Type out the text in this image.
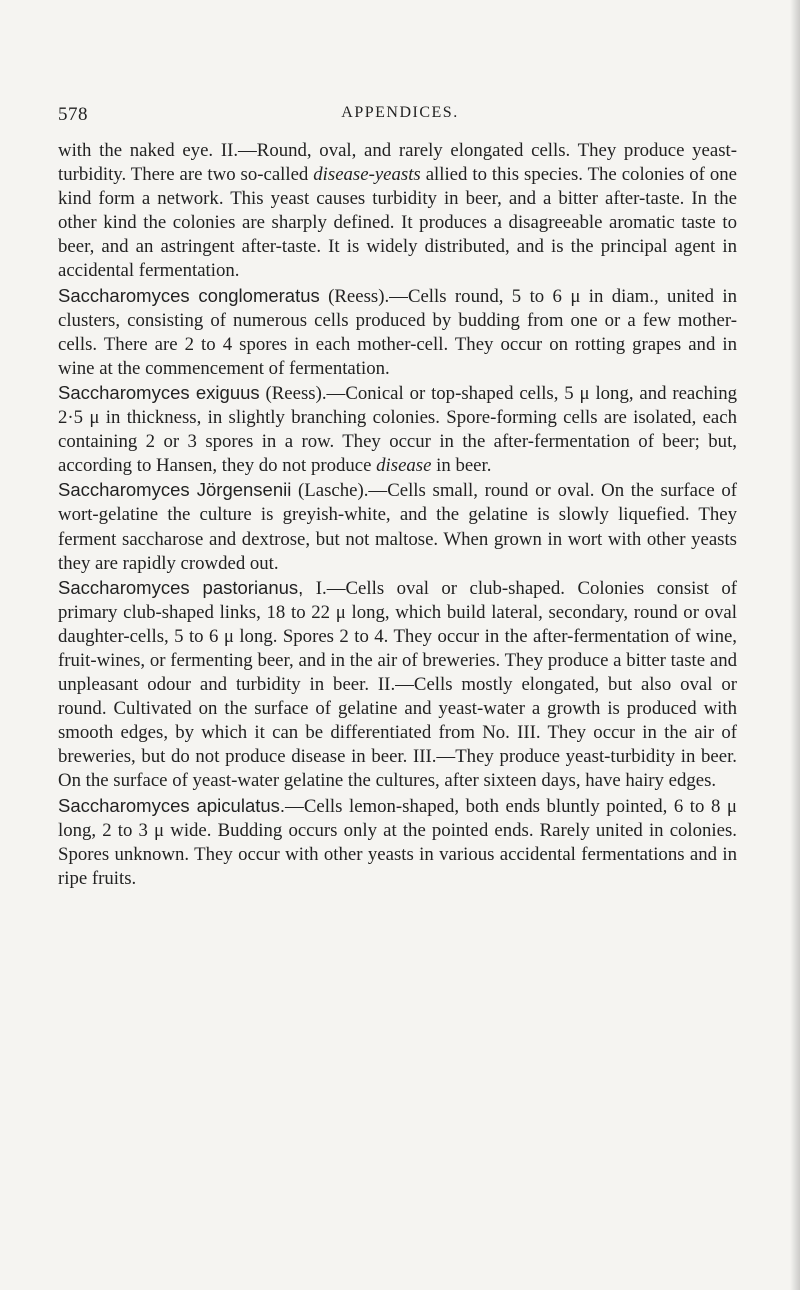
578	APPENDICES.

with the naked eye. II.—Round, oval, and rarely elongated cells. They produce yeast-turbidity. There are two so-called disease-yeasts allied to this species. The colonies of one kind form a network. This yeast causes turbidity in beer, and a bitter after-taste. In the other kind the colonies are sharply defined. It produces a disagreeable aromatic taste to beer, and an astringent after-taste. It is widely distributed, and is the principal agent in accidental fermentation.

Saccharomyces conglomeratus (Reess).—Cells round, 5 to 6 μ in diam., united in clusters, consisting of numerous cells produced by budding from one or a few mother-cells. There are 2 to 4 spores in each mother-cell. They occur on rotting grapes and in wine at the commencement of fermentation.

Saccharomyces exiguus (Reess).—Conical or top-shaped cells, 5 μ long, and reaching 2·5 μ in thickness, in slightly branching colonies. Spore-forming cells are isolated, each containing 2 or 3 spores in a row. They occur in the after-fermentation of beer; but, according to Hansen, they do not produce disease in beer.

Saccharomyces Jörgensenii (Lasche).—Cells small, round or oval. On the surface of wort-gelatine the culture is greyish-white, and the gelatine is slowly liquefied. They ferment saccharose and dextrose, but not maltose. When grown in wort with other yeasts they are rapidly crowded out.

Saccharomyces pastorianus, I.—Cells oval or club-shaped. Colonies consist of primary club-shaped links, 18 to 22 μ long, which build lateral, secondary, round or oval daughter-cells, 5 to 6 μ long. Spores 2 to 4. They occur in the after-fermentation of wine, fruit-wines, or fermenting beer, and in the air of breweries. They produce a bitter taste and unpleasant odour and turbidity in beer. II.—Cells mostly elongated, but also oval or round. Cultivated on the surface of gelatine and yeast-water a growth is produced with smooth edges, by which it can be differentiated from No. III. They occur in the air of breweries, but do not produce disease in beer. III.—They produce yeast-turbidity in beer. On the surface of yeast-water gelatine the cultures, after sixteen days, have hairy edges.

Saccharomyces apiculatus.—Cells lemon-shaped, both ends bluntly pointed, 6 to 8 μ long, 2 to 3 μ wide. Budding occurs only at the pointed ends. Rarely united in colonies. Spores unknown. They occur with other yeasts in various accidental fermentations and in ripe fruits.
